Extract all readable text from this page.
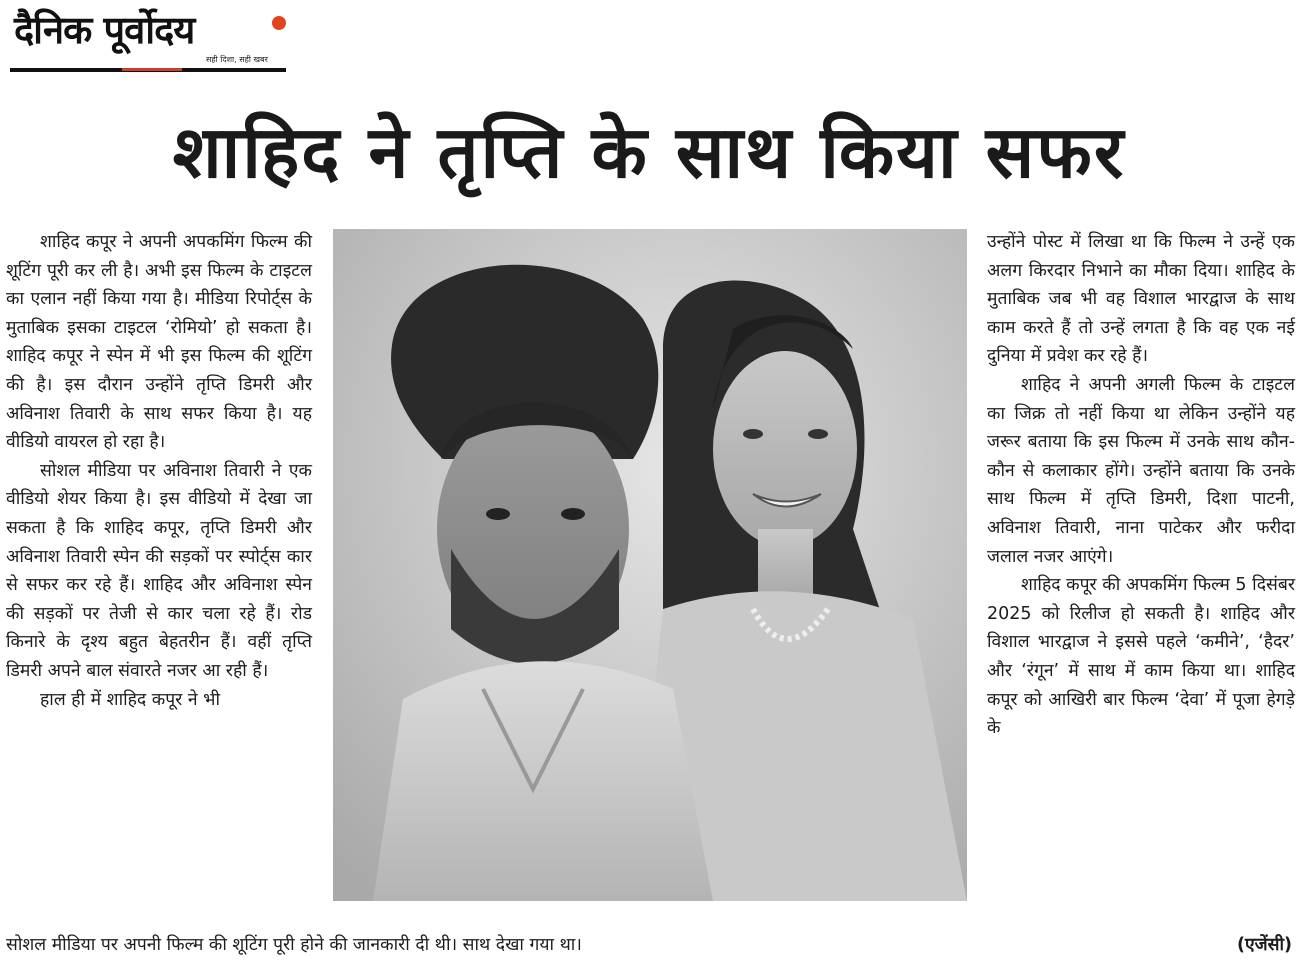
दैनिक पूर्वोदय
सही दिशा, सही खबर
शाहिद ने तृप्ति के साथ किया सफर

शाहिद कपूर ने अपनी अपकमिंग फिल्म की शूटिंग पूरी कर ली है। अभी इस फिल्म के टाइटल का एलान नहीं किया गया है। मीडिया रिपोर्ट्स के मुताबिक इसका टाइटल ‘रोमियो’ हो सकता है। शाहिद कपूर ने स्पेन में भी इस फिल्म की शूटिंग की है। इस दौरान उन्होंने तृप्ति डिमरी और अविनाश तिवारी के साथ सफर किया है। यह वीडियो वायरल हो रहा है।

सोशल मीडिया पर अविनाश तिवारी ने एक वीडियो शेयर किया है। इस वीडियो में देखा जा सकता है कि शाहिद कपूर, तृप्ति डिमरी और अविनाश तिवारी स्पेन की सड़कों पर स्पोर्ट्स कार से सफर कर रहे हैं। शाहिद और अविनाश स्पेन की सड़कों पर तेजी से कार चला रहे हैं। रोड किनारे के दृश्य बहुत बेहतरीन हैं। वहीं तृप्ति डिमरी अपने बाल संवारते नजर आ रही हैं।

हाल ही में शाहिद कपूर ने भी

उन्होंने पोस्ट में लिखा था कि फिल्म ने उन्हें एक अलग किरदार निभाने का मौका दिया। शाहिद के मुताबिक जब भी वह विशाल भारद्वाज के साथ काम करते हैं तो उन्हें लगता है कि वह एक नई दुनिया में प्रवेश कर रहे हैं।

शाहिद ने अपनी अगली फिल्म के टाइटल का जिक्र तो नहीं किया था लेकिन उन्होंने यह जरूर बताया कि इस फिल्म में उनके साथ कौन-कौन से कलाकार होंगे। उन्होंने बताया कि उनके साथ फिल्म में तृप्ति डिमरी, दिशा पाटनी, अविनाश तिवारी, नाना पाटेकर और फरीदा जलाल नजर आएंगे।

शाहिद कपूर की अपकमिंग फिल्म 5 दिसंबर 2025 को रिलीज हो सकती है। शाहिद और विशाल भारद्वाज ने इससे पहले ‘कमीने’, ‘हैदर’ और ‘रंगून’ में साथ में काम किया था। शाहिद कपूर को आखिरी बार फिल्म ‘देवा’ में पूजा हेगड़े के

सोशल मीडिया पर अपनी फिल्म की शूटिंग पूरी होने की जानकारी दी थी। साथ देखा गया था।	(एजेंसी)
